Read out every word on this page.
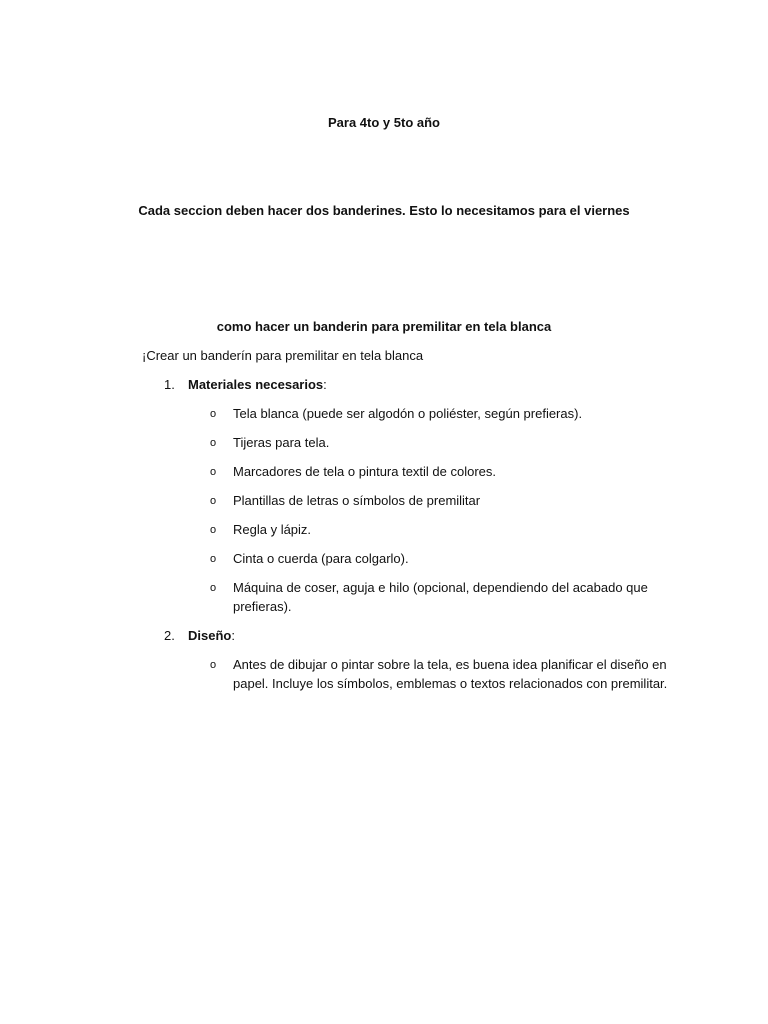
Para 4to y 5to año
Cada seccion deben hacer dos banderines. Esto lo necesitamos para el viernes
como hacer un banderin para premilitar en tela blanca
¡Crear un banderín para premilitar en tela blanca
1.	Materiales necesarios:
o Tela blanca (puede ser algodón o poliéster, según prefieras).
o Tijeras para tela.
o Marcadores de tela o pintura textil de colores.
o Plantillas de letras o símbolos de premilitar
o Regla y lápiz.
o Cinta o cuerda (para colgarlo).
o Máquina de coser, aguja e hilo (opcional, dependiendo del acabado que prefieras).
2.	Diseño:
o Antes de dibujar o pintar sobre la tela, es buena idea planificar el diseño en papel. Incluye los símbolos, emblemas o textos relacionados con premilitar.
